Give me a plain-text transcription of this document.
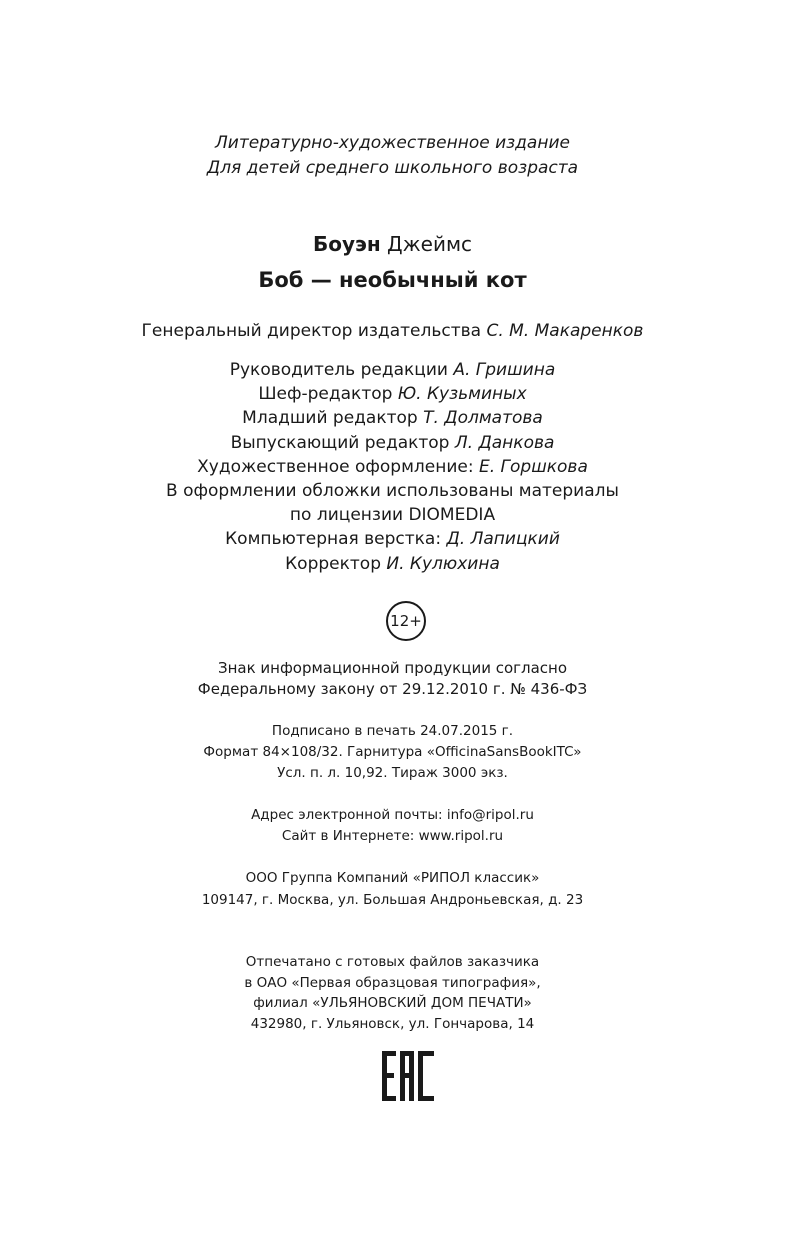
Литературно-художественное издание
Для детей среднего школьного возраста
Боуэн Джеймс
Боб — необычный кот
Генеральный директор издательства С. М. Макаренков
Руководитель редакции А. Гришина
Шеф-редактор Ю. Кузьминых
Младший редактор Т. Долматова
Выпускающий редактор Л. Данкова
Художественное оформление: Е. Горшкова
В оформлении обложки использованы материалы
по лицензии DIOMEDIA
Компьютерная верстка: Д. Лапицкий
Корректор И. Кулюхина
12+
Знак информационной продукции согласно
Федеральному закону от 29.12.2010 г. № 436-ФЗ
Подписано в печать 24.07.2015 г.
Формат 84×108/32. Гарнитура «OfficinaSansBookITC»
Усл. п. л. 10,92. Тираж 3000 экз.
Адрес электронной почты: info@ripol.ru
Сайт в Интернете: www.ripol.ru
ООО Группа Компаний «РИПОЛ классик»
109147, г. Москва, ул. Большая Андроньевская, д. 23
Отпечатано с готовых файлов заказчика
в ОАО «Первая образцовая типография»,
филиал «УЛЬЯНОВСКИЙ ДОМ ПЕЧАТИ»
432980, г. Ульяновск, ул. Гончарова, 14
